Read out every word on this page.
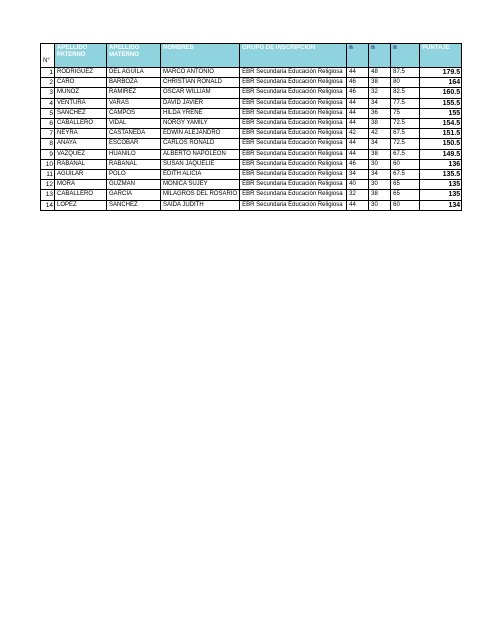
N°	APELLIDO PATERNO	APELLIDO MATERNO	NOMBRES	GRUPO DE INSCRIPCIÓN	n	n	n	PUNTAJE
1	RODRIGUEZ	DEL AGUILA	MARCO ANTONIO	EBR Secundaria Educación Religiosa	44	48	87.5	179.5
2	CARO	BARBOZA	CHRISTIAN RONALD	EBR Secundaria Educación Religiosa	46	38	80	164
3	MUÑOZ	RAMIREZ	OSCAR WILLIAM	EBR Secundaria Educación Religiosa	46	32	82.5	160.5
4	VENTURA	VARAS	DAVID JAVIER	EBR Secundaria Educación Religiosa	44	34	77.5	155.5
5	SANCHEZ	CAMPOS	HILDA YRENE	EBR Secundaria Educación Religiosa	44	36	75	155
6	CABALLERO	VIDAL	NORGY YAMILY	EBR Secundaria Educación Religiosa	44	38	72.5	154.5
7	NEYRA	CASTAÑEDA	EDWIN ALEJANDRO	EBR Secundaria Educación Religiosa	42	42	67.5	151.5
8	ANAYA	ESCOBAR	CARLOS RONALD	EBR Secundaria Educación Religiosa	44	34	72.5	150.5
9	VAZQUEZ	HUANILO	ALBERTO NAPOLEON	EBR Secundaria Educación Religiosa	44	38	67.5	149.5
10	RABANAL	RABANAL	SUSAN JAQUELIE	EBR Secundaria Educación Religiosa	46	30	60	136
11	AGUILAR	POLO	EDITH ALICIA	EBR Secundaria Educación Religiosa	34	34	67.5	135.5
12	MORA	GUZMAN	MONICA SUJEY	EBR Secundaria Educación Religiosa	40	30	65	135
13	CABALLERO	GARCIA	MILAGROS DEL ROSARIO	EBR Secundaria Educación Religiosa	32	38	65	135
14	LOPEZ	SANCHEZ	SAIDA JUDITH	EBR Secundaria Educación Religiosa	44	30	60	134
